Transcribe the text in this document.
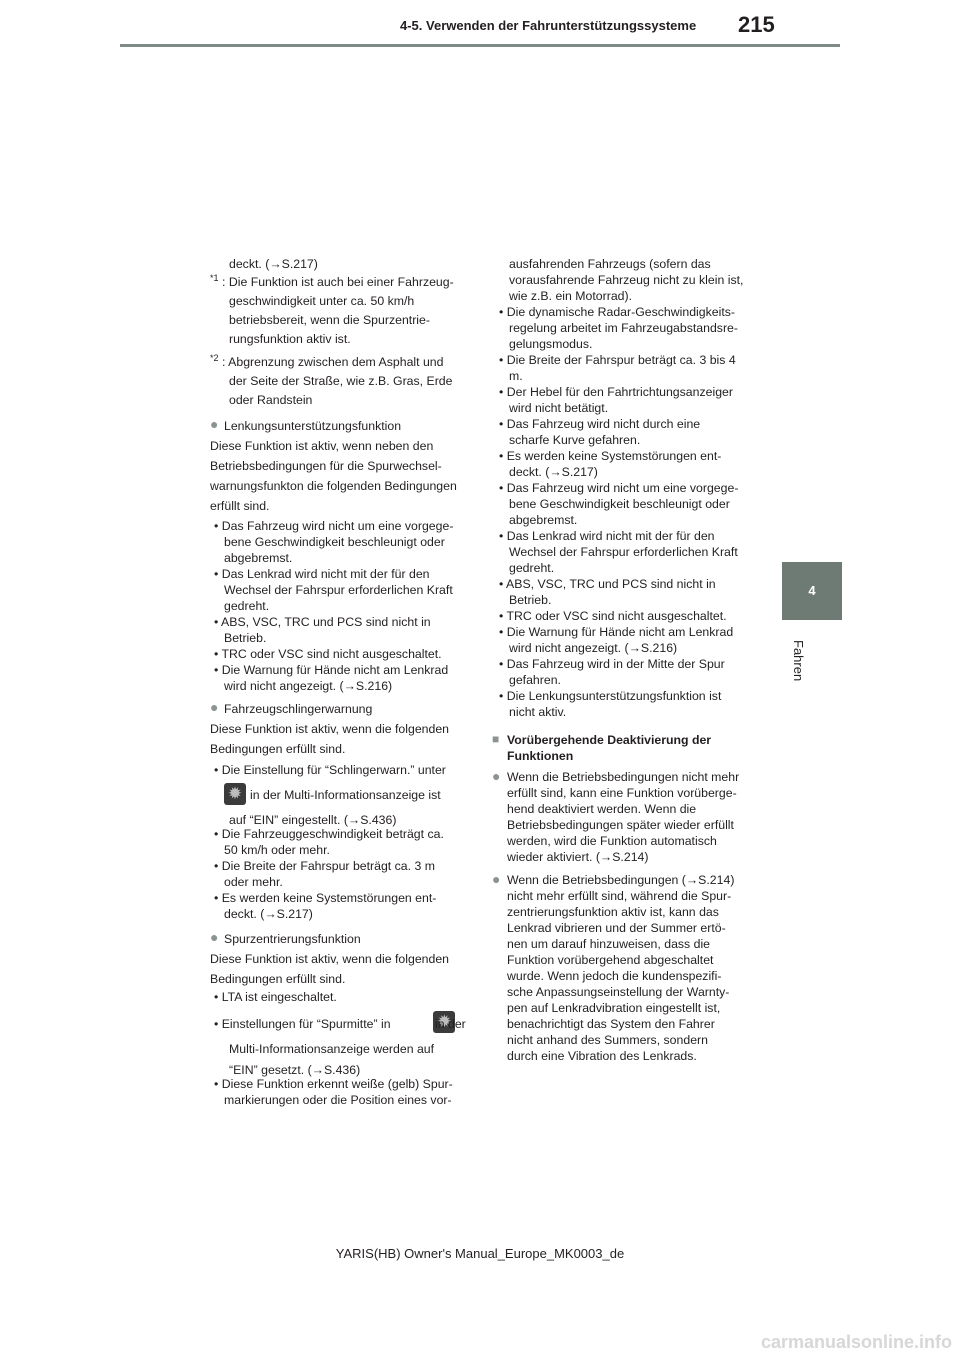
4-5. Verwenden der Fahrunterstützungssysteme 215
4
Fahren
deckt. (→S.217)
*1 : Die Funktion ist auch bei einer Fahrzeug-
geschwindigkeit unter ca. 50 km/h
betriebsbereit, wenn die Spurzentrie-
rungsfunktion aktiv ist.
*2 : Abgrenzung zwischen dem Asphalt und
der Seite der Straße, wie z.B. Gras, Erde
oder Randstein
● Lenkungsunterstützungsfunktion
Diese Funktion ist aktiv, wenn neben den
Betriebsbedingungen für die Spurwechsel-
warnungsfunkton die folgenden Bedingungen
erfüllt sind.
• Das Fahrzeug wird nicht um eine vorgege-
bene Geschwindigkeit beschleunigt oder
abgebremst.
• Das Lenkrad wird nicht mit der für den
Wechsel der Fahrspur erforderlichen Kraft
gedreht.
• ABS, VSC, TRC und PCS sind nicht in
Betrieb.
• TRC oder VSC sind nicht ausgeschaltet.
• Die Warnung für Hände nicht am Lenkrad
wird nicht angezeigt. (→S.216)
● Fahrzeugschlingerwarnung
Diese Funktion ist aktiv, wenn die folgenden
Bedingungen erfüllt sind.
• Die Einstellung für “Schlingerwarn.” unter
✹
in der Multi-Informationsanzeige ist
auf “EIN” eingestellt. (→S.436)
• Die Fahrzeuggeschwindigkeit beträgt ca.
50 km/h oder mehr.
• Die Breite der Fahrspur beträgt ca. 3 m
oder mehr.
• Es werden keine Systemstörungen ent-
deckt. (→S.217)
● Spurzentrierungsfunktion
Diese Funktion ist aktiv, wenn die folgenden
Bedingungen erfüllt sind.
• LTA ist eingeschaltet.
• Einstellungen für “Spurmitte” in
✹	in der
Multi-Informationsanzeige werden auf
“EIN” gesetzt. (→S.436)
• Diese Funktion erkennt weiße (gelb) Spur-
markierungen oder die Position eines vor-
ausfahrenden Fahrzeugs (sofern das
vorausfahrende Fahrzeug nicht zu klein ist,
wie z.B. ein Motorrad).
• Die dynamische Radar-Geschwindigkeits-
regelung arbeitet im Fahrzeugabstandsre-
gelungsmodus.
• Die Breite der Fahrspur beträgt ca. 3 bis 4
m.
• Der Hebel für den Fahrtrichtungsanzeiger
wird nicht betätigt.
• Das Fahrzeug wird nicht durch eine
scharfe Kurve gefahren.
• Es werden keine Systemstörungen ent-
deckt. (→S.217)
• Das Fahrzeug wird nicht um eine vorgege-
bene Geschwindigkeit beschleunigt oder
abgebremst.
• Das Lenkrad wird nicht mit der für den
Wechsel der Fahrspur erforderlichen Kraft
gedreht.
• ABS, VSC, TRC und PCS sind nicht in
Betrieb.
• TRC oder VSC sind nicht ausgeschaltet.
• Die Warnung für Hände nicht am Lenkrad
wird nicht angezeigt. (→S.216)
• Das Fahrzeug wird in der Mitte der Spur
gefahren.
• Die Lenkungsunterstützungsfunktion ist
nicht aktiv.
■ Vorübergehende Deaktivierung der
Funktionen
● Wenn die Betriebsbedingungen nicht mehr
erfüllt sind, kann eine Funktion vorüberge-
hend deaktiviert werden. Wenn die
Betriebsbedingungen später wieder erfüllt
werden, wird die Funktion automatisch
wieder aktiviert. (→S.214)
● Wenn die Betriebsbedingungen (→S.214)
nicht mehr erfüllt sind, während die Spur-
zentrierungsfunktion aktiv ist, kann das
Lenkrad vibrieren und der Summer ertö-
nen um darauf hinzuweisen, dass die
Funktion vorübergehend abgeschaltet
wurde. Wenn jedoch die kundenspezifi-
sche Anpassungseinstellung der Warnty-
pen auf Lenkradvibration eingestellt ist,
benachrichtigt das System den Fahrer
nicht anhand des Summers, sondern
durch eine Vibration des Lenkrads.
YARIS(HB) Owner's Manual_Europe_MK0003_de
carmanualsonline.info
